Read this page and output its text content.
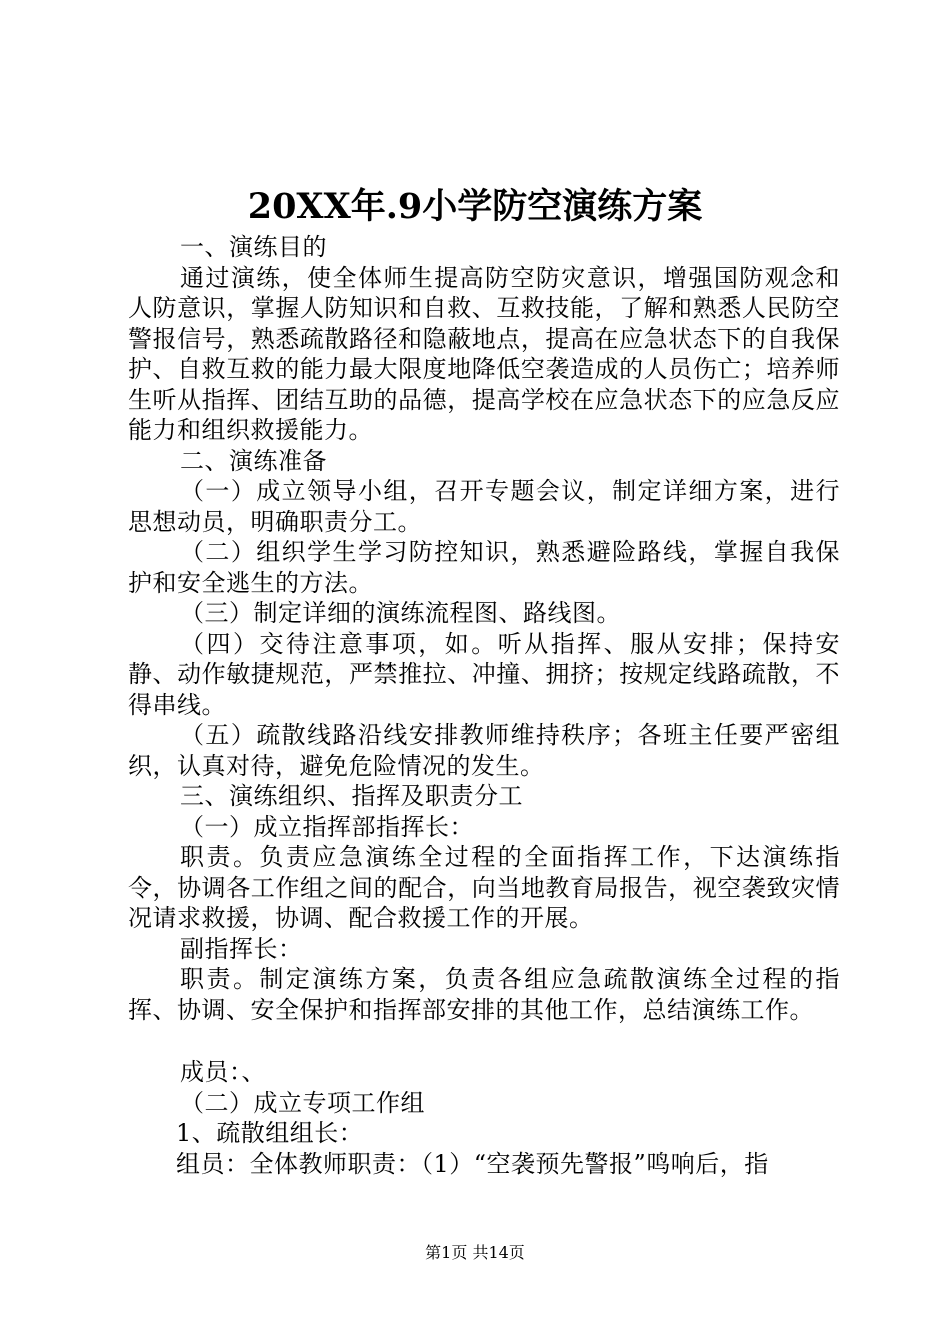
20XX年.9小学防空演练方案

一、演练目的

通过演练，使全体师生提高防空防灾意识，增强国防观念和人防意识，掌握人防知识和自救、互救技能，了解和熟悉人民防空警报信号，熟悉疏散路径和隐蔽地点，提高在应急状态下的自我保护、自救互救的能力最大限度地降低空袭造成的人员伤亡；培养师生听从指挥、团结互助的品德，提高学校在应急状态下的应急反应能力和组织救援能力。

二、演练准备

（一）成立领导小组，召开专题会议，制定详细方案，进行思想动员，明确职责分工。

（二）组织学生学习防控知识，熟悉避险路线，掌握自我保护和安全逃生的方法。

（三）制定详细的演练流程图、路线图。

（四）交待注意事项，如。听从指挥、服从安排；保持安静、动作敏捷规范，严禁推拉、冲撞、拥挤；按规定线路疏散，不得串线。

（五）疏散线路沿线安排教师维持秩序；各班主任要严密组织，认真对待，避免危险情况的发生。

三、演练组织、指挥及职责分工

（一）成立指挥部指挥长：

职责。负责应急演练全过程的全面指挥工作，下达演练指令，协调各工作组之间的配合，向当地教育局报告，视空袭致灾情况请求救援，协调、配合救援工作的开展。

副指挥长：

职责。制定演练方案，负责各组应急疏散演练全过程的指挥、协调、安全保护和指挥部安排的其他工作，总结演练工作。

成员：、

（二）成立专项工作组

1、疏散组组长：

组员：全体教师职责：（1）“空袭预先警报”鸣响后，指

第1页 共14页
